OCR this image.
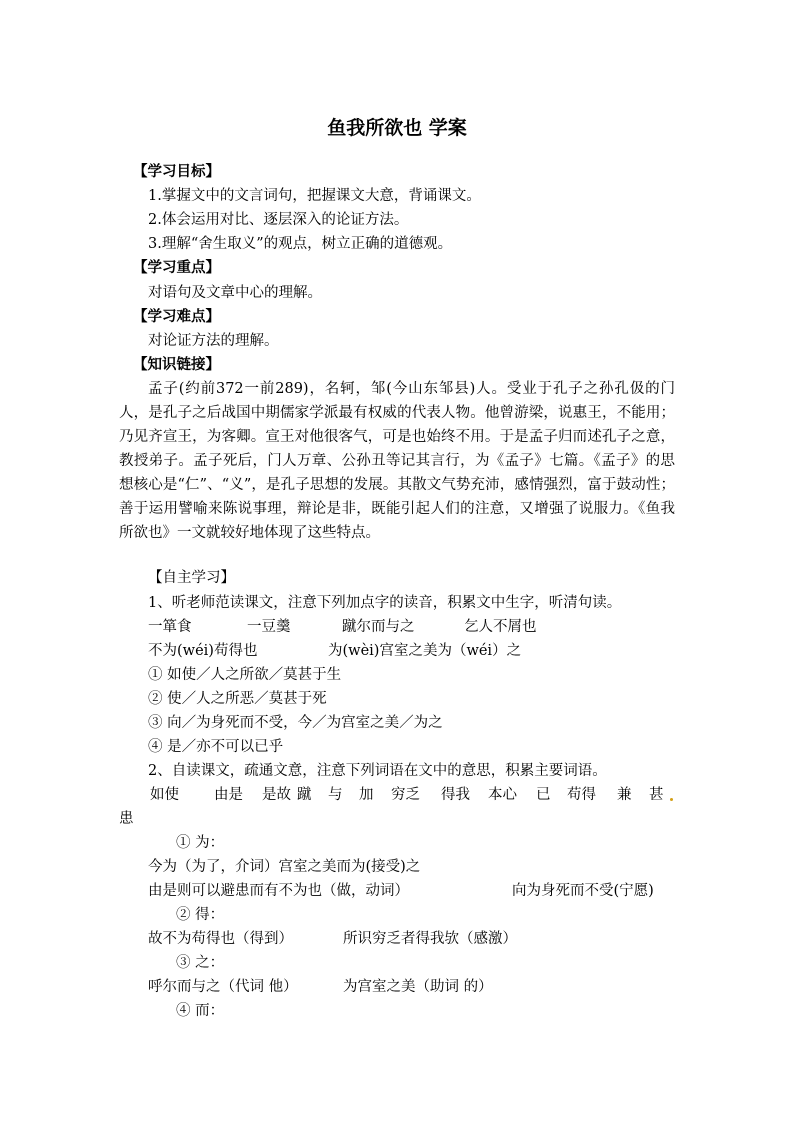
鱼我所欲也 学案
【学习目标】
1.掌握文中的文言词句，把握课文大意，背诵课文。
2.体会运用对比、逐层深入的论证方法。
3.理解“舍生取义”的观点，树立正确的道德观。
【学习重点】
对语句及文章中心的理解。
【学习难点】
对论证方法的理解。
【知识链接】
孟子(约前372一前289)，名轲，邹(今山东邹县)人。受业于孔子之孙孔伋的门人，是孔子之后战国中期儒家学派最有权威的代表人物。他曾游梁，说惠王，不能用；乃见齐宣王，为客卿。宣王对他很客气，可是也始终不用。于是孟子归而述孔子之意，教授弟子。孟子死后，门人万章、公孙丑等记其言行，为《孟子》七篇。《孟子》的思想核心是“仁”、“义”，是孔子思想的发展。其散文气势充沛，感情强烈，富于鼓动性；善于运用譬喻来陈说事理，辩论是非，既能引起人们的注意，又增强了说服力。《鱼我所欲也》一文就较好地体现了这些特点。
【自主学习】
1、听老师范读课文，注意下列加点字的读音，积累文中生字，听清句读。
一箪食	一豆羹	蹴尔而与之	乞人不屑也
不为(wéi)苟得也	为(wèi)宫室之美为（wéi）之
① 如使／人之所欲／莫甚于生
② 使／人之所恶／莫甚于死
③ 向／为身死而不受，今／为宫室之美／为之
④ 是／亦不可以已乎
2、自读课文，疏通文意，注意下列词语在文中的意思，积累主要词语。
如使 由是 是故 蹴 与 加 穷乏 得我 本心 已 苟得 兼 甚
患
① 为：
今为（为了，介词）宫室之美而为(接受)之
由是则可以避患而有不为也（做，动词）	向为身死而不受(宁愿)
② 得：
故不为苟得也（得到）	所识穷乏者得我欤（感激）
③ 之：
呼尔而与之（代词 他）	为宫室之美（助词 的）
④ 而：
